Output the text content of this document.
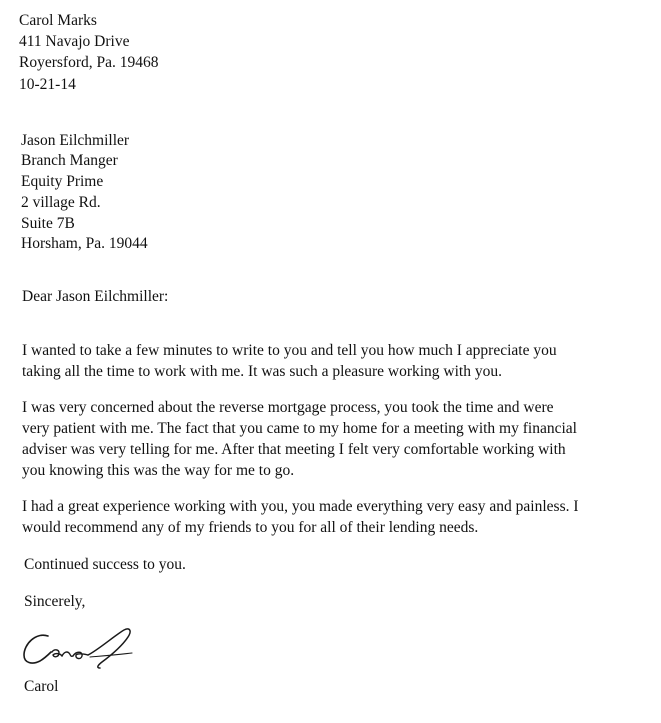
Carol Marks
411 Navajo Drive
Royersford, Pa. 19468
10-21-14
Jason Eilchmiller
Branch Manger
Equity Prime
2 village Rd.
Suite 7B
Horsham, Pa. 19044
Dear Jason Eilchmiller:
I wanted to take a few minutes to write to you and tell you how much I appreciate you
taking all the time to work with me. It was such a pleasure working with you.
I was very concerned about the reverse mortgage process, you took the time and were
very patient with me. The fact that you came to my home for a meeting with my financial
adviser was very telling for me. After that meeting I felt very comfortable working with
you knowing this was the way for me to go.
I had a great experience working with you, you made everything very easy and painless. I
would recommend any of my friends to you for all of their lending needs.
Continued success to you.
Sincerely,
Carol
